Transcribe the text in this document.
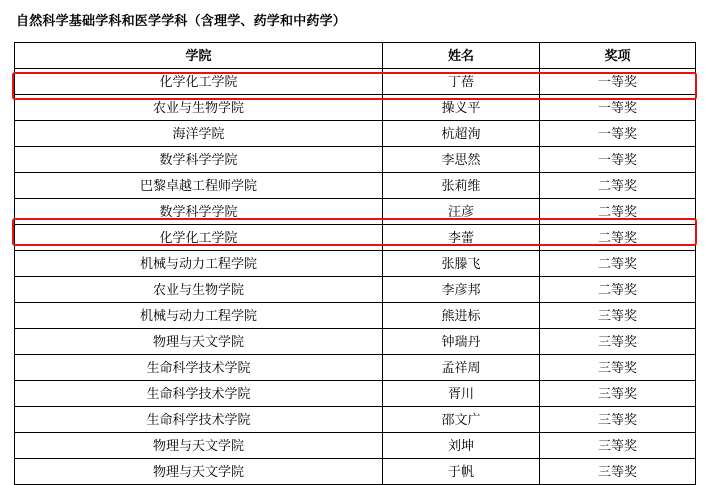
自然科学基础学科和医学学科（含理学、药学和中药学）
学院	姓名	奖项
化学化工学院	丁蓓	一等奖
农业与生物学院	操义平	一等奖
海洋学院	杭超洵	一等奖
数学科学学院	李思然	一等奖
巴黎卓越工程师学院	张莉维	二等奖
数学科学学院	汪彦	二等奖
化学化工学院	李蕾	二等奖
机械与动力工程学院	张滕飞	二等奖
农业与生物学院	李彦邦	二等奖
机械与动力工程学院	熊进标	三等奖
物理与天文学院	钟瑞丹	三等奖
生命科学技术学院	孟祥周	三等奖
生命科学技术学院	胥川	三等奖
生命科学技术学院	邵文广	三等奖
物理与天文学院	刘坤	三等奖
物理与天文学院	于帆	三等奖
